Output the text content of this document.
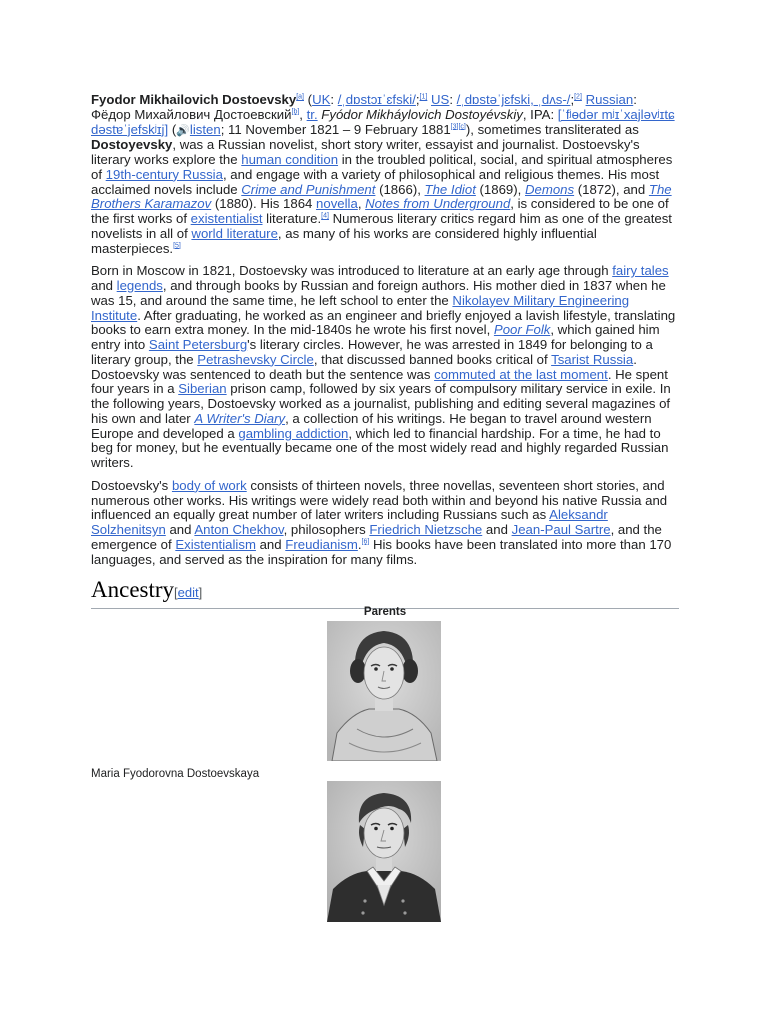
Fyodor Mikhailovich Dostoevsky[a] (UK: /ˌdɒstɔɪˈɛfski/;[1] US: /ˌdɒstəˈjɛfski, ˌdʌs-/;[2] Russian: Фёдор Михайлович Достоевский[b], tr. Fyódor Mikháylovich Dostoyévskiy, IPA: [ˈfʲɵdər mʲɪˈxajləvʲɪtɕ dəstɐˈjefskʲɪj] (🔊listen; 11 November 1821 – 9 February 1881[3][c]), sometimes transliterated as Dostoyevsky, was a Russian novelist, short story writer, essayist and journalist. Dostoevsky's literary works explore the human condition in the troubled political, social, and spiritual atmospheres of 19th-century Russia, and engage with a variety of philosophical and religious themes. His most acclaimed novels include Crime and Punishment (1866), The Idiot (1869), Demons (1872), and The Brothers Karamazov (1880). His 1864 novella, Notes from Underground, is considered to be one of the first works of existentialist literature.[4] Numerous literary critics regard him as one of the greatest novelists in all of world literature, as many of his works are considered highly influential masterpieces.[5]

Born in Moscow in 1821, Dostoevsky was introduced to literature at an early age through fairy tales and legends, and through books by Russian and foreign authors. His mother died in 1837 when he was 15, and around the same time, he left school to enter the Nikolayev Military Engineering Institute. After graduating, he worked as an engineer and briefly enjoyed a lavish lifestyle, translating books to earn extra money. In the mid-1840s he wrote his first novel, Poor Folk, which gained him entry into Saint Petersburg's literary circles. However, he was arrested in 1849 for belonging to a literary group, the Petrashevsky Circle, that discussed banned books critical of Tsarist Russia. Dostoevsky was sentenced to death but the sentence was commuted at the last moment. He spent four years in a Siberian prison camp, followed by six years of compulsory military service in exile. In the following years, Dostoevsky worked as a journalist, publishing and editing several magazines of his own and later A Writer's Diary, a collection of his writings. He began to travel around western Europe and developed a gambling addiction, which led to financial hardship. For a time, he had to beg for money, but he eventually became one of the most widely read and highly regarded Russian writers.

Dostoevsky's body of work consists of thirteen novels, three novellas, seventeen short stories, and numerous other works. His writings were widely read both within and beyond his native Russia and influenced an equally great number of later writers including Russians such as Aleksandr Solzhenitsyn and Anton Chekhov, philosophers Friedrich Nietzsche and Jean-Paul Sartre, and the emergence of Existentialism and Freudianism.[6] His books have been translated into more than 170 languages, and served as the inspiration for many films.

Ancestry[edit]
Parents
Maria Fyodorovna Dostoevskaya
